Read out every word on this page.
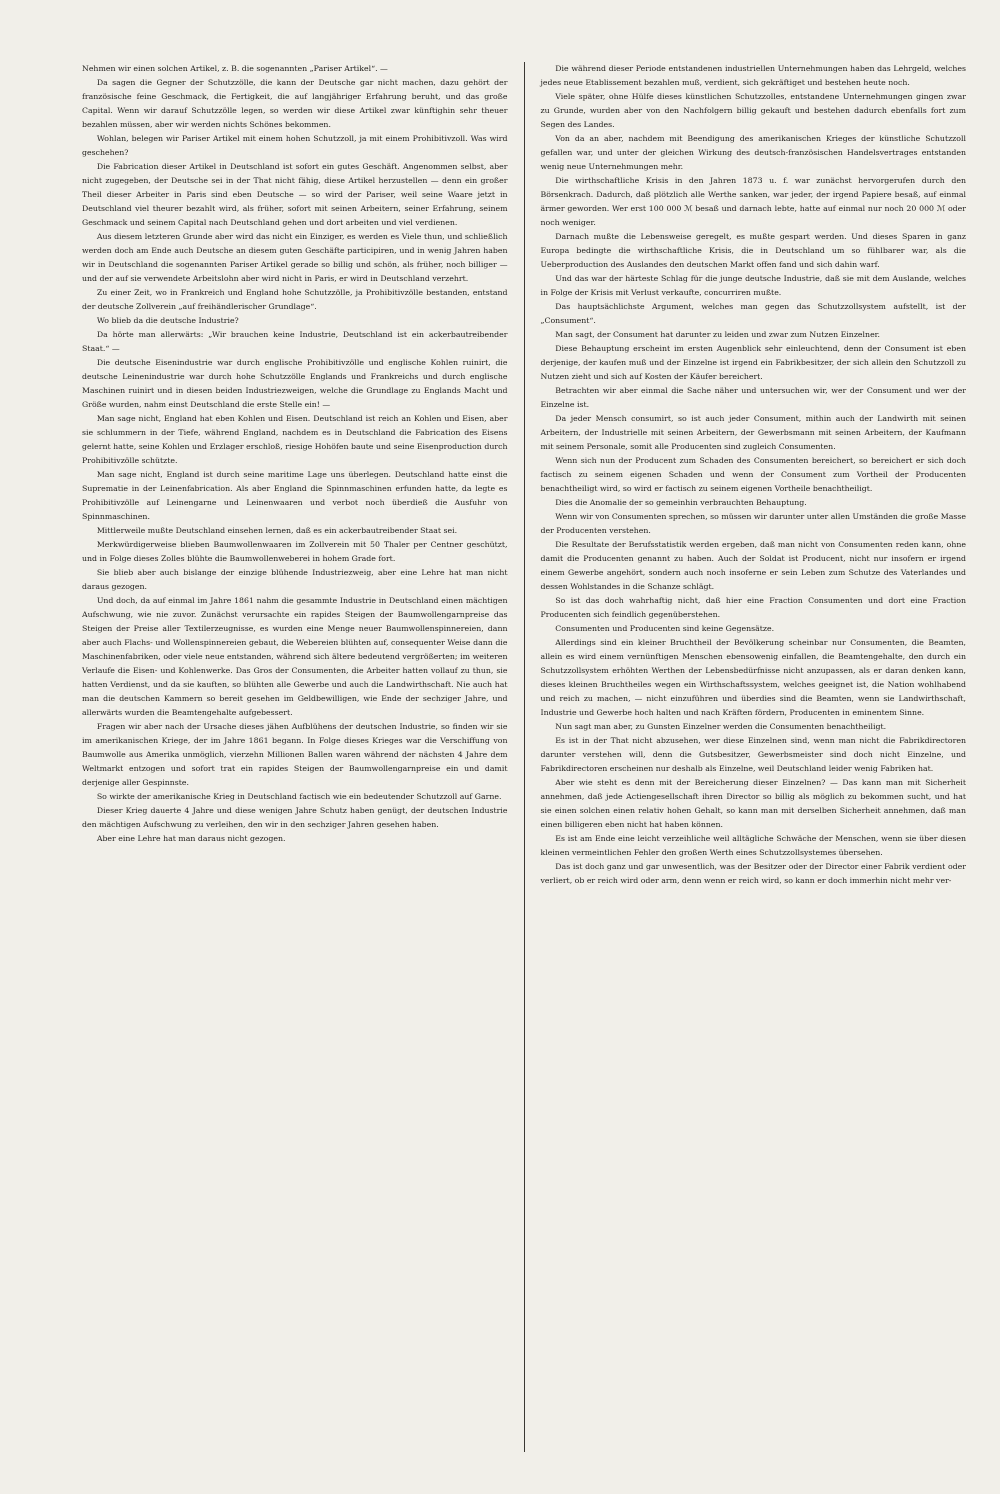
Nehmen wir einen solchen Artikel, z. B. die sogenannten „Pariser Artikel“. —

Da sagen die Gegner der Schutzzölle, die kann der Deutsche gar nicht machen, dazu gehört der französische feine Geschmack, die Fertigkeit, die auf langjähriger Erfahrung beruht, und das große Capital. Wenn wir darauf Schutzzölle legen, so werden wir diese Artikel zwar künftighin sehr theuer bezahlen müssen, aber wir werden nichts Schönes bekommen.

Wohlan, belegen wir Pariser Artikel mit einem hohen Schutzzoll, ja mit einem Prohibitivzoll. Was wird geschehen?

Die Fabrication dieser Artikel in Deutschland ist sofort ein gutes Geschäft. Angenommen selbst, aber nicht zugegeben, der Deutsche sei in der That nicht fähig, diese Artikel herzustellen — denn ein großer Theil dieser Arbeiter in Paris sind eben Deutsche — so wird der Pariser, weil seine Waare jetzt in Deutschland viel theurer bezahlt wird, als früher, sofort mit seinen Arbeitern, seiner Erfahrung, seinem Geschmack und seinem Capital nach Deutschland gehen und dort arbeiten und viel verdienen.

Aus diesem letzteren Grunde aber wird das nicht ein Einziger, es werden es Viele thun, und schließlich werden doch am Ende auch Deutsche an diesem guten Geschäfte participiren, und in wenig Jahren haben wir in Deutschland die sogenannten Pariser Artikel gerade so billig und schön, als früher, noch billiger — und der auf sie verwendete Arbeitslohn aber wird nicht in Paris, er wird in Deutschland verzehrt.

Zu einer Zeit, wo in Frankreich und England hohe Schutzzölle, ja Prohibitivzölle bestanden, entstand der deutsche Zollverein „auf freihändlerischer Grundlage“.

Wo blieb da die deutsche Industrie?

Da hörte man allerwärts: „Wir brauchen keine Industrie, Deutschland ist ein ackerbautreibender Staat.“ —

Die deutsche Eisenindustrie war durch englische Prohibitivzölle und englische Kohlen ruinirt, die deutsche Leinenindustrie war durch hohe Schutzzölle Englands und Frankreichs und durch englische Maschinen ruinirt und in diesen beiden Industriezweigen, welche die Grundlage zu Englands Macht und Größe wurden, nahm einst Deutschland die erste Stelle ein! —

Man sage nicht, England hat eben Kohlen und Eisen. Deutschland ist reich an Kohlen und Eisen, aber sie schlummern in der Tiefe, während England, nachdem es in Deutschland die Fabrication des Eisens gelernt hatte, seine Kohlen und Erzlager erschloß, riesige Hohöfen baute und seine Eisenproduction durch Prohibitivzölle schützte.

Man sage nicht, England ist durch seine maritime Lage uns überlegen. Deutschland hatte einst die Suprematie in der Leinenfabrication. Als aber England die Spinnmaschinen erfunden hatte, da legte es Prohibitivzölle auf Leinengarne und Leinenwaaren und verbot noch überdieß die Ausfuhr von Spinnmaschinen.

Mittlerweile mußte Deutschland einsehen lernen, daß es ein ackerbautreibender Staat sei.

Merkwürdigerweise blieben Baumwollenwaaren im Zollverein mit 50 Thaler per Centner geschützt, und in Folge dieses Zolles blühte die Baumwollenweberei in hohem Grade fort.

Sie blieb aber auch bislange der einzige blühende Industriezweig, aber eine Lehre hat man nicht daraus gezogen.

Und doch, da auf einmal im Jahre 1861 nahm die gesammte Industrie in Deutschland einen mächtigen Aufschwung, wie nie zuvor. Zunächst verursachte ein rapides Steigen der Baumwollengarnpreise das Steigen der Preise aller Textilerzeugnisse, es wurden eine Menge neuer Baumwollenspinnereien, dann aber auch Flachs- und Wollenspinnereien gebaut, die Webereien blühten auf, consequenter Weise dann die Maschinenfabriken, oder viele neue entstanden, während sich ältere bedeutend vergrößerten; im weiteren Verlaufe die Eisen- und Kohlenwerke. Das Gros der Consumenten, die Arbeiter hatten vollauf zu thun, sie hatten Verdienst, und da sie kauften, so blühten alle Gewerbe und auch die Landwirthschaft. Nie auch hat man die deutschen Kammern so bereit gesehen im Geldbewilligen, wie Ende der sechziger Jahre, und allerwärts wurden die Beamtengehalte aufgebessert.

Fragen wir aber nach der Ursache dieses jähen Aufblühens der deutschen Industrie, so finden wir sie im amerikanischen Kriege, der im Jahre 1861 begann. In Folge dieses Krieges war die Verschiffung von Baumwolle aus Amerika unmöglich, vierzehn Millionen Ballen waren während der nächsten 4 Jahre dem Weltmarkt entzogen und sofort trat ein rapides Steigen der Baumwollengarnpreise ein und damit derjenige aller Gespinnste.

So wirkte der amerikanische Krieg in Deutschland factisch wie ein bedeutender Schutzzoll auf Garne.

Dieser Krieg dauerte 4 Jahre und diese wenigen Jahre Schutz haben genügt, der deutschen Industrie den mächtigen Aufschwung zu verleihen, den wir in den sechziger Jahren gesehen haben.

Aber eine Lehre hat man daraus nicht gezogen.

Die während dieser Periode entstandenen industriellen Unternehmungen haben das Lehrgeld, welches jedes neue Etablissement bezahlen muß, verdient, sich gekräftiget und bestehen heute noch.

Viele später, ohne Hülfe dieses künstlichen Schutzzolles, entstandene Unternehmungen gingen zwar zu Grunde, wurden aber von den Nachfolgern billig gekauft und bestehen dadurch ebenfalls fort zum Segen des Landes.

Von da an aber, nachdem mit Beendigung des amerikanischen Krieges der künstliche Schutzzoll gefallen war, und unter der gleichen Wirkung des deutsch-französischen Handelsvertrages entstanden wenig neue Unternehmungen mehr.

Die wirthschaftliche Krisis in den Jahren 1873 u. f. war zunächst hervorgerufen durch den Börsenkrach. Dadurch, daß plötzlich alle Werthe sanken, war jeder, der irgend Papiere besaß, auf einmal ärmer geworden. Wer erst 100 000 ℳ besaß und darnach lebte, hatte auf einmal nur noch 20 000 ℳ oder noch weniger.

Darnach mußte die Lebensweise geregelt, es mußte gespart werden. Und dieses Sparen in ganz Europa bedingte die wirthschaftliche Krisis, die in Deutschland um so fühlbarer war, als die Ueberproduction des Auslandes den deutschen Markt offen fand und sich dahin warf.

Und das war der härteste Schlag für die junge deutsche Industrie, daß sie mit dem Auslande, welches in Folge der Krisis mit Verlust verkaufte, concurriren mußte.

Das hauptsächlichste Argument, welches man gegen das Schutzzollsystem aufstellt, ist der „Consument“.

Man sagt, der Consument hat darunter zu leiden und zwar zum Nutzen Einzelner.

Diese Behauptung erscheint im ersten Augenblick sehr einleuchtend, denn der Consument ist eben derjenige, der kaufen muß und der Einzelne ist irgend ein Fabrikbesitzer, der sich allein den Schutzzoll zu Nutzen zieht und sich auf Kosten der Käufer bereichert.

Betrachten wir aber einmal die Sache näher und untersuchen wir, wer der Consument und wer der Einzelne ist.

Da jeder Mensch consumirt, so ist auch jeder Consument, mithin auch der Landwirth mit seinen Arbeitern, der Industrielle mit seinen Arbeitern, der Gewerbsmann mit seinen Arbeitern, der Kaufmann mit seinem Personale, somit alle Producenten sind zugleich Consumenten.

Wenn sich nun der Producent zum Schaden des Consumenten bereichert, so bereichert er sich doch factisch zu seinem eigenen Schaden und wenn der Consument zum Vortheil der Producenten benachtheiligt wird, so wird er factisch zu seinem eigenen Vortheile benachtheiligt.

Dies die Anomalie der so gemeinhin verbrauchten Behauptung.

Wenn wir von Consumenten sprechen, so müssen wir darunter unter allen Umständen die große Masse der Producenten verstehen.

Die Resultate der Berufsstatistik werden ergeben, daß man nicht von Consumenten reden kann, ohne damit die Producenten genannt zu haben. Auch der Soldat ist Producent, nicht nur insofern er irgend einem Gewerbe angehört, sondern auch noch insoferne er sein Leben zum Schutze des Vaterlandes und dessen Wohlstandes in die Schanze schlägt.

So ist das doch wahrhaftig nicht, daß hier eine Fraction Consumenten und dort eine Fraction Producenten sich feindlich gegenüberstehen.

Consumenten und Producenten sind keine Gegensätze.

Allerdings sind ein kleiner Bruchtheil der Bevölkerung scheinbar nur Consumenten, die Beamten, allein es wird einem vernünftigen Menschen ebensowenig einfallen, die Beamtengehalte, den durch ein Schutzzollsystem erhöhten Werthen der Lebensbedürfnisse nicht anzupassen, als er daran denken kann, dieses kleinen Bruchtheiles wegen ein Wirthschaftssystem, welches geeignet ist, die Nation wohlhabend und reich zu machen, — nicht einzuführen und überdies sind die Beamten, wenn sie Landwirthschaft, Industrie und Gewerbe hoch halten und nach Kräften fördern, Producenten in eminentem Sinne.

Nun sagt man aber, zu Gunsten Einzelner werden die Consumenten benachtheiligt.

Es ist in der That nicht abzusehen, wer diese Einzelnen sind, wenn man nicht die Fabrikdirectoren darunter verstehen will, denn die Gutsbesitzer, Gewerbsmeister sind doch nicht Einzelne, und Fabrikdirectoren erscheinen nur deshalb als Einzelne, weil Deutschland leider wenig Fabriken hat.

Aber wie steht es denn mit der Bereicherung dieser Einzelnen? — Das kann man mit Sicherheit annehmen, daß jede Actiengesellschaft ihren Director so billig als möglich zu bekommen sucht, und hat sie einen solchen einen relativ hohen Gehalt, so kann man mit derselben Sicherheit annehmen, daß man einen billigeren eben nicht hat haben können.

Es ist am Ende eine leicht verzeihliche weil alltägliche Schwäche der Menschen, wenn sie über diesen kleinen vermeintlichen Fehler den großen Werth eines Schutzzollsystemes übersehen.

Das ist doch ganz und gar unwesentlich, was der Besitzer oder der Director einer Fabrik verdient oder verliert, ob er reich wird oder arm, denn wenn er reich wird, so kann er doch immerhin nicht mehr ver-
